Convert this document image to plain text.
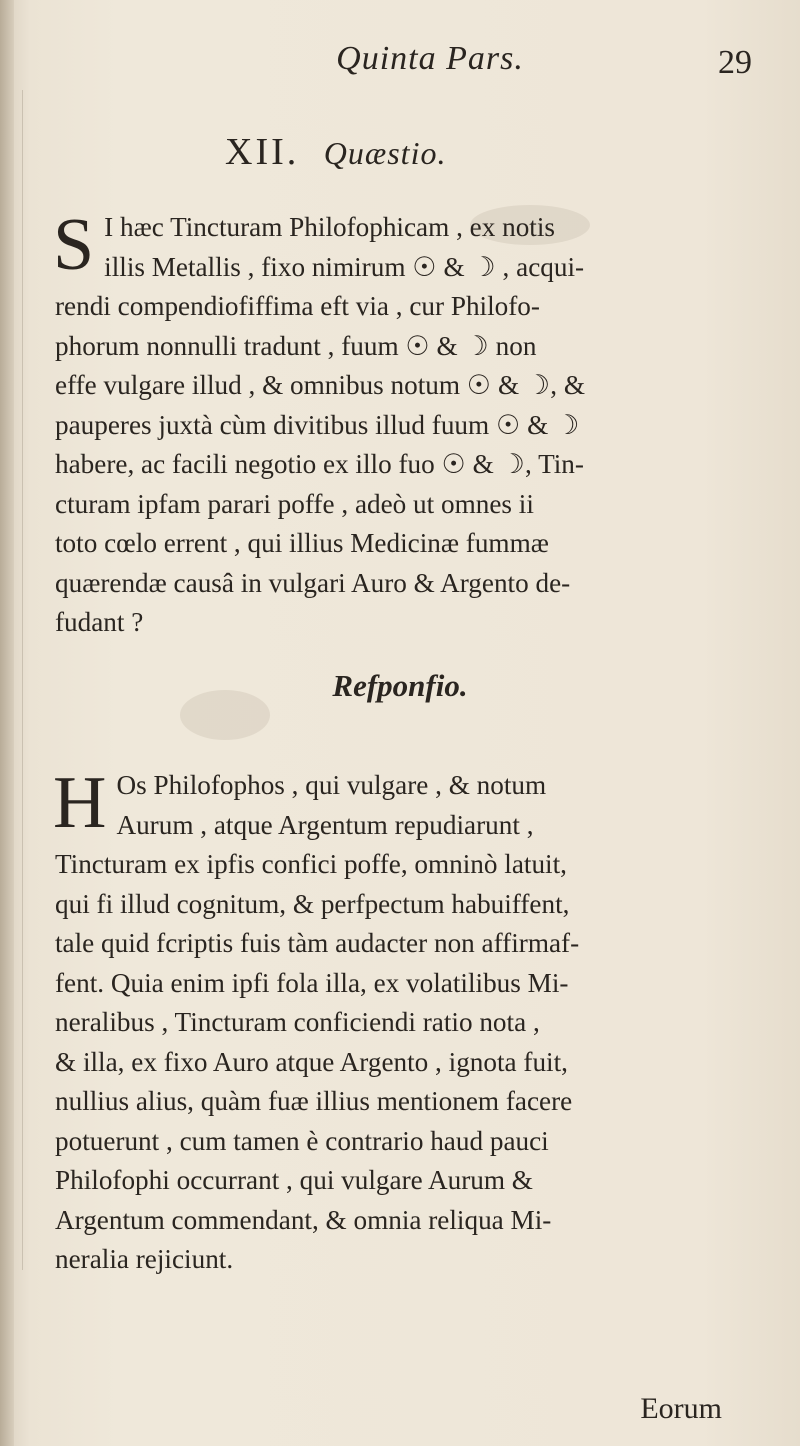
Quinta Pars.	29
XII. Quæstio.
S I hæc Tincturam Philofophicam , ex notis
illis Metallis , fixo nimirum ☉ & ☽ , acqui-
rendi compendiofiffima eft via , cur Philofo-
phorum nonnulli tradunt , fuum ☉ & ☽ non
effe vulgare illud , & omnibus notum ☉ & ☽, &
pauperes juxtà cùm divitibus illud fuum ☉ & ☽
habere, ac facili negotio ex illo fuo ☉ & ☽, Tin-
cturam ipfam parari poffe , adeò ut omnes ii
toto cœlo errent , qui illius Medicinæ fummæ
quærendæ causâ in vulgari Auro & Argento de-
fudant ?
Refponfio.
H Os Philofophos , qui vulgare , & notum
Aurum , atque Argentum repudiarunt ,
Tincturam ex ipfis confici poffe, omninò latuit,
qui fi illud cognitum, & perfpectum habuiffent,
tale quid fcriptis fuis tàm audacter non affirmaf-
fent. Quia enim ipfi fola illa, ex volatilibus Mi-
neralibus , Tincturam conficiendi ratio nota ,
& illa, ex fixo Auro atque Argento , ignota fuit,
nullius alius, quàm fuæ illius mentionem facere
potuerunt , cum tamen è contrario haud pauci
Philofophi occurrant , qui vulgare Aurum &
Argentum commendant, & omnia reliqua Mi-
neralia rejiciunt.
Eorum
